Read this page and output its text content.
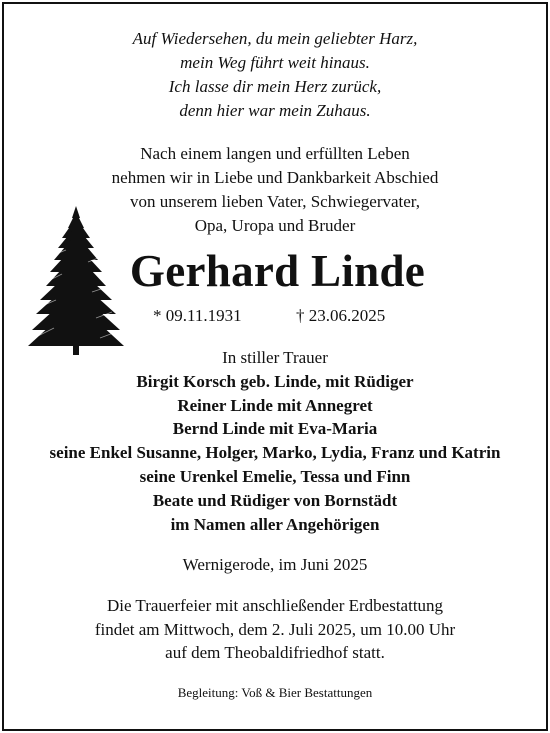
Auf Wiedersehen, du mein geliebter Harz,
mein Weg führt weit hinaus.
Ich lasse dir mein Herz zurück,
denn hier war mein Zuhaus.
Nach einem langen und erfüllten Leben
nehmen wir in Liebe und Dankbarkeit Abschied
von unserem lieben Vater, Schwiegervater,
Opa, Uropa und Bruder
Gerhard Linde
* 09.11.1931	† 23.06.2025
In stiller Trauer
Birgit Korsch geb. Linde, mit Rüdiger
Reiner Linde mit Annegret
Bernd Linde mit Eva-Maria
seine Enkel Susanne, Holger, Marko, Lydia, Franz und Katrin
seine Urenkel Emelie, Tessa und Finn
Beate und Rüdiger von Bornstädt
im Namen aller Angehörigen
Wernigerode, im Juni 2025
Die Trauerfeier mit anschließender Erdbestattung
findet am Mittwoch, dem 2. Juli 2025, um 10.00 Uhr
auf dem Theobaldifriedhof statt.
Begleitung: Voß & Bier Bestattungen
